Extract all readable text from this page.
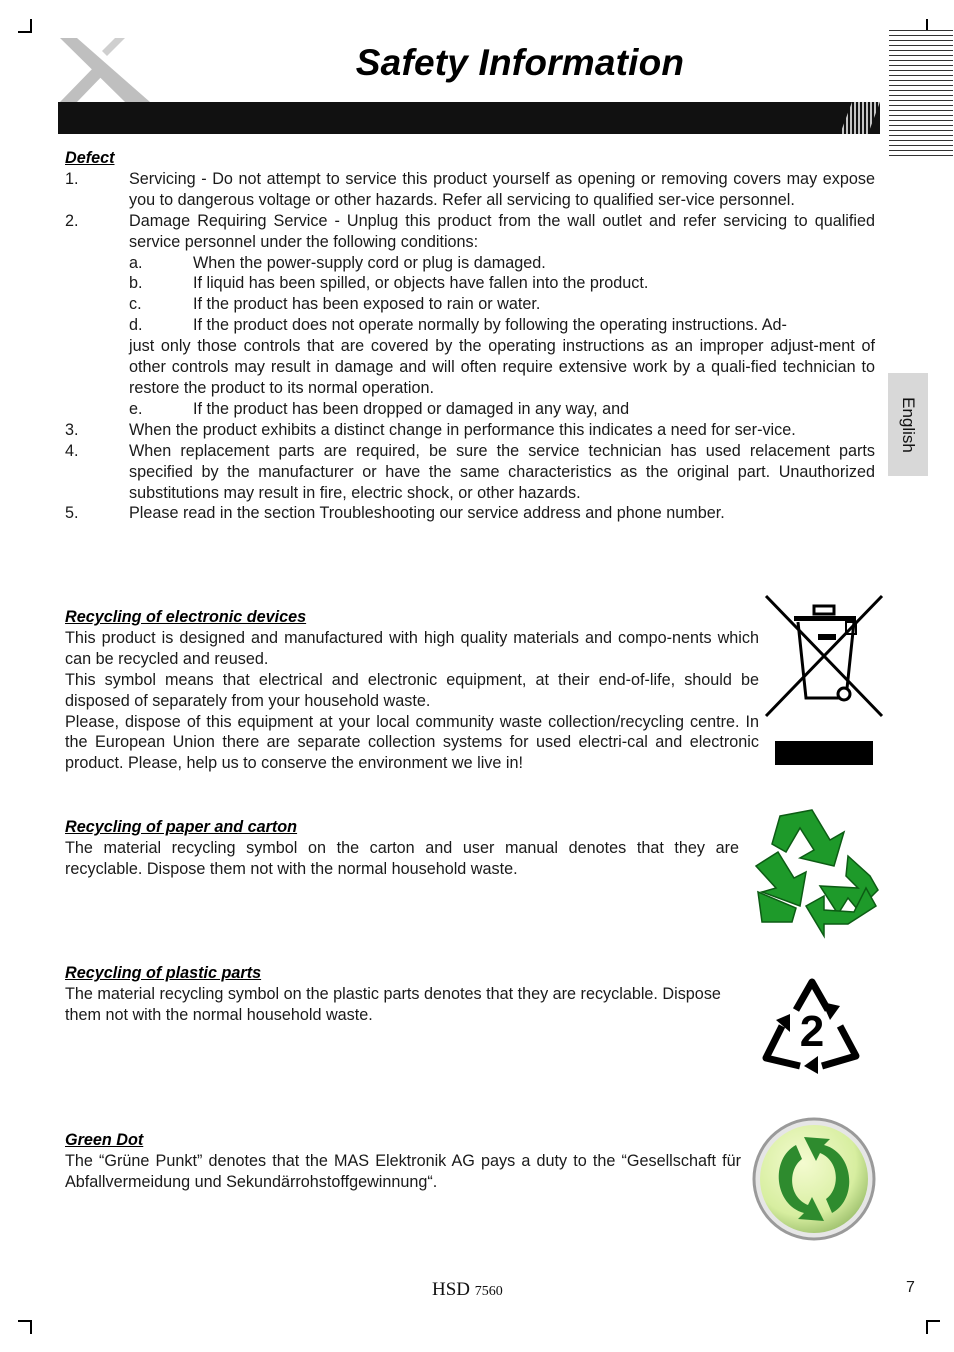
Safety Information
English
Defect
1.	Servicing - Do not attempt to service this product yourself as opening or removing covers may expose you to dangerous voltage or other hazards. Refer all servicing to qualified ser-vice personnel.
2.	Damage Requiring Service - Unplug this product from the wall outlet and refer servicing to qualified service personnel under the following conditions:
a.	When the power-supply cord or plug is damaged.
b.	If liquid has been spilled, or objects have fallen into the product.
c.	If the product has been exposed to rain or water.
d.	If the product does not operate normally by following the operating instructions. Ad-
just only those controls that are covered by the operating instructions as an improper adjust-ment of other controls may result in damage and will often require extensive work by a quali-fied technician to restore the product to its normal operation.
e.	If the product has been dropped or damaged in any way, and
3.	When the product exhibits a distinct change in performance this indicates a need for ser-vice.
4.	When replacement parts are required, be sure the service technician has used relacement parts specified by the manufacturer or have the same characteristics as the original part. Unauthorized substitutions may result in fire, electric shock, or other hazards.
5.	Please read in the section Troubleshooting our service address and phone number.
Recycling of electronic devices

This product is designed and manufactured with high quality materials and compo-nents which can be recycled and reused.

This symbol means that electrical and electronic equipment, at their end-of-life, should be disposed of separately from your household waste.

Please, dispose of this equipment at your local community waste collection/recycling centre. In the European Union there are separate collection systems for used electri-cal and electronic product. Please, help us to conserve the environment we live in!

Recycling of paper and carton

The material recycling symbol on the carton and user manual denotes that they are recyclable. Dispose them not with the normal household waste.

Recycling of plastic parts

The material recycling symbol on the plastic parts denotes that they are recyclable. Dispose them not with the normal household waste.	2
Green Dot

The “Grüne Punkt” denotes that the MAS Elektronik AG pays a duty to the “Gesellschaft für Abfallvermeidung und Sekundärrohstoffgewinnung“.

HSD 7560	7
